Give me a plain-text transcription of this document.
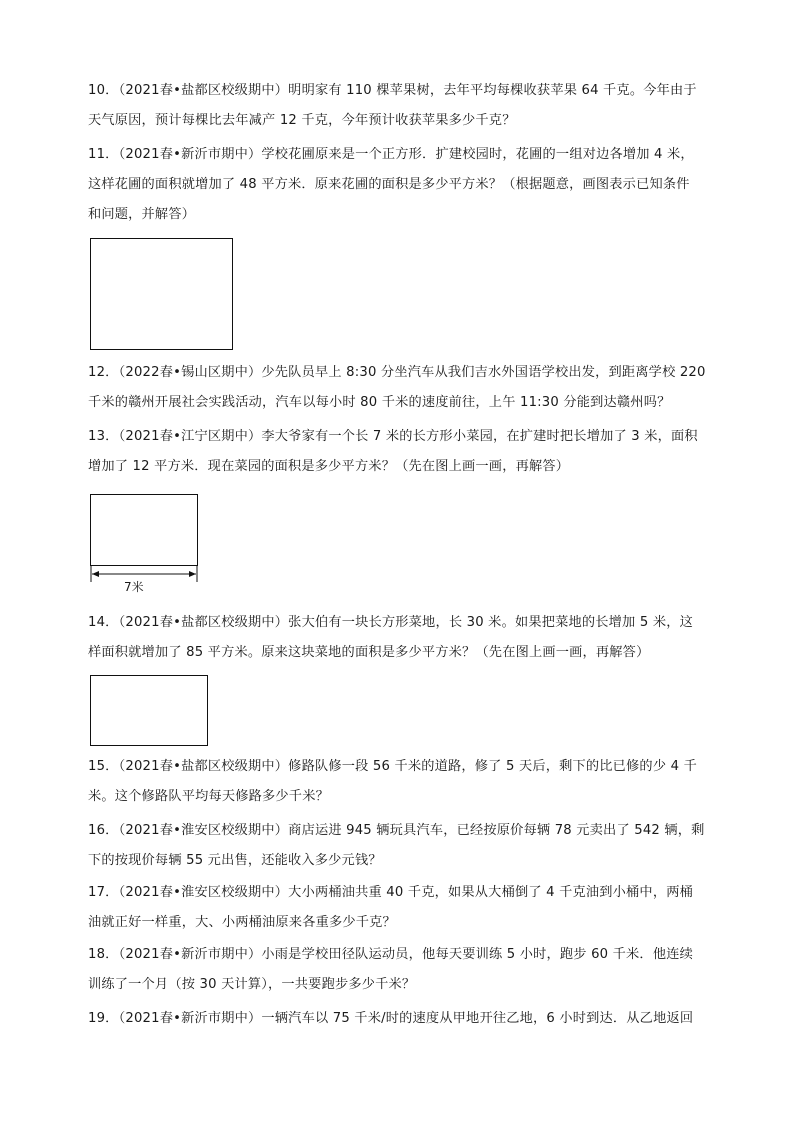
10．（2021春•盐都区校级期中）明明家有 110 棵苹果树，去年平均每棵收获苹果 64 千克。今年由于
天气原因，预计每棵比去年减产 12 千克，今年预计收获苹果多少千克？

11．（2021春•新沂市期中）学校花圃原来是一个正方形．扩建校园时，花圃的一组对边各增加 4 米，
这样花圃的面积就增加了 48 平方米．原来花圃的面积是多少平方米？（根据题意，画图表示已知条件
和问题，并解答）

12．（2022春•锡山区期中）少先队员早上 8:30 分坐汽车从我们吉水外国语学校出发，到距离学校 220
千米的赣州开展社会实践活动，汽车以每小时 80 千米的速度前往，上午 11:30 分能到达赣州吗？

13．（2021春•江宁区期中）李大爷家有一个长 7 米的长方形小菜园，在扩建时把长增加了 3 米，面积
增加了 12 平方米．现在菜园的面积是多少平方米？（先在图上画一画，再解答）

7米

14．（2021春•盐都区校级期中）张大伯有一块长方形菜地，长 30 米。如果把菜地的长增加 5 米，这
样面积就增加了 85 平方米。原来这块菜地的面积是多少平方米？（先在图上画一画，再解答）

15．（2021春•盐都区校级期中）修路队修一段 56 千米的道路，修了 5 天后，剩下的比已修的少 4 千
米。这个修路队平均每天修路多少千米？

16．（2021春•淮安区校级期中）商店运进 945 辆玩具汽车，已经按原价每辆 78 元卖出了 542 辆，剩
下的按现价每辆 55 元出售，还能收入多少元钱？

17．（2021春•淮安区校级期中）大小两桶油共重 40 千克，如果从大桶倒了 4 千克油到小桶中，两桶
油就正好一样重，大、小两桶油原来各重多少千克？

18．（2021春•新沂市期中）小雨是学校田径队运动员，他每天要训练 5 小时，跑步 60 千米．他连续
训练了一个月（按 30 天计算），一共要跑步多少千米？

19．（2021春•新沂市期中）一辆汽车以 75 千米/时的速度从甲地开往乙地，6 小时到达．从乙地返回
